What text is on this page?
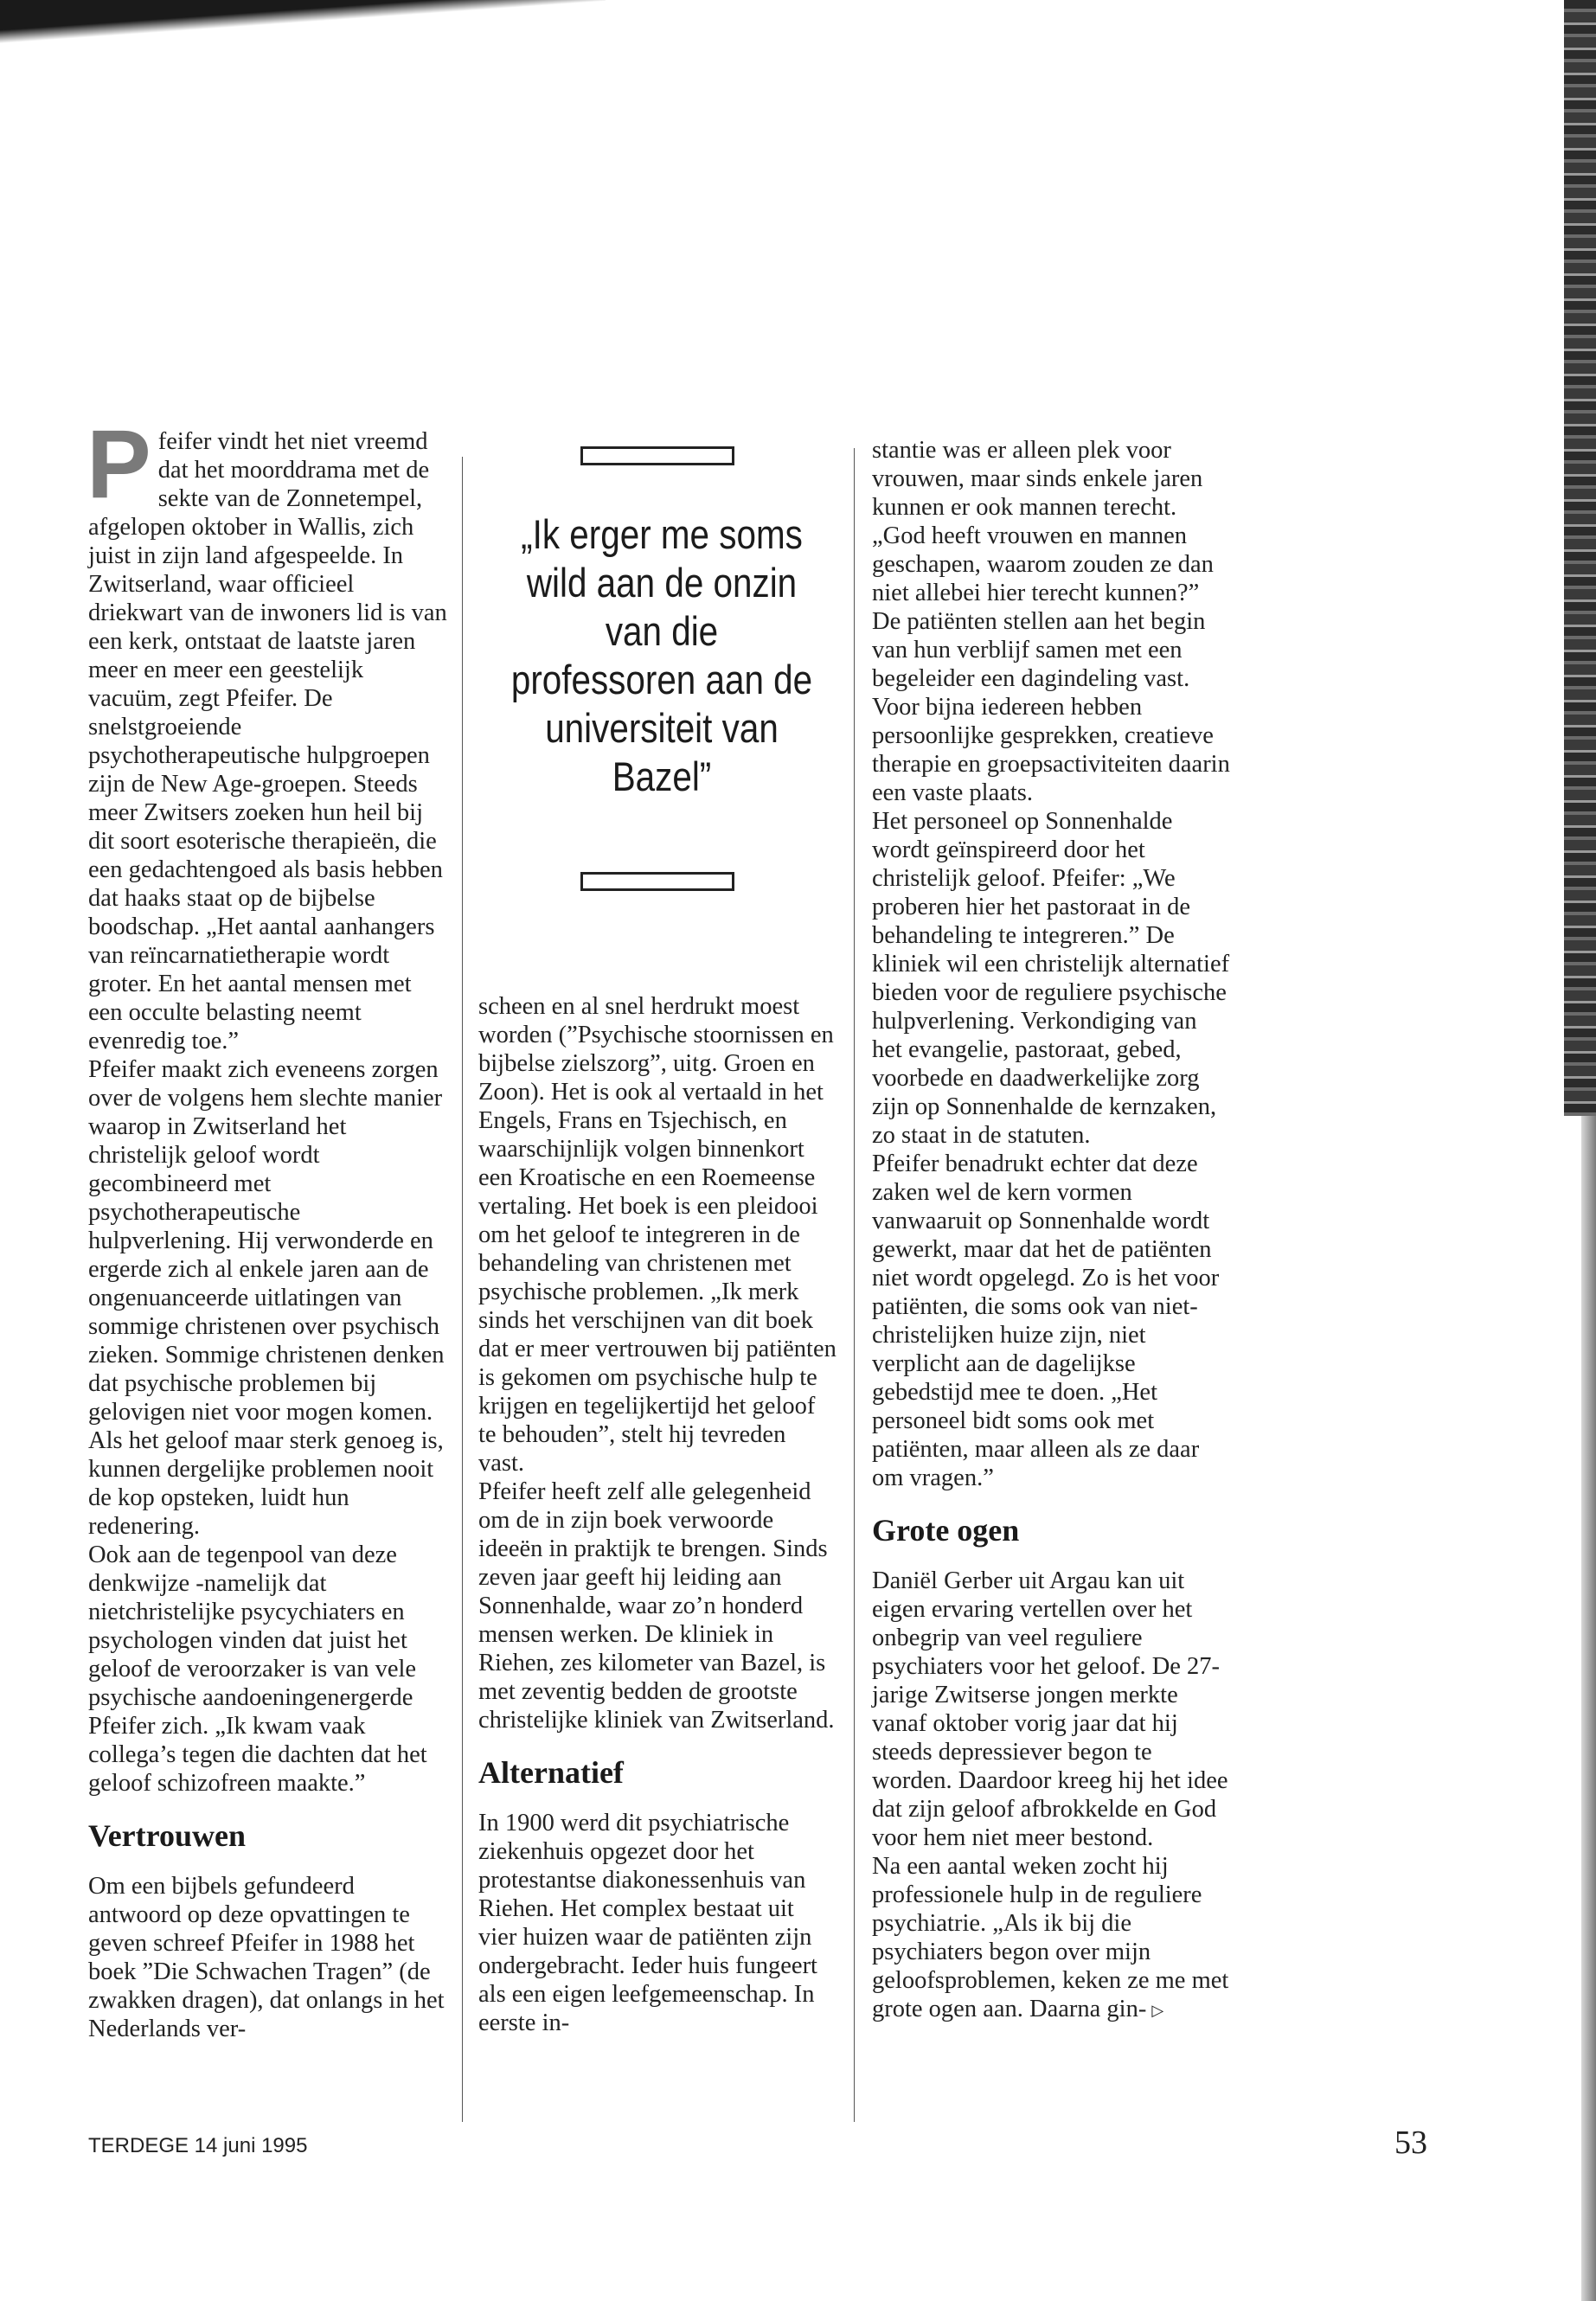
„Ik erger me soms wild aan de onzin van die professoren aan de universiteit van Bazel”

Pfeifer vindt het niet vreemd dat het moorddrama met de sekte van de Zonnetempel, afgelopen oktober in Wallis, zich juist in zijn land afgespeelde. In Zwitserland, waar officieel driekwart van de inwoners lid is van een kerk, ontstaat de laatste jaren meer en meer een geestelijk vacuüm, zegt Pfeifer. De snelstgroeiende psychotherapeutische hulpgroepen zijn de New Age-groepen. Steeds meer Zwitsers zoeken hun heil bij dit soort esoterische therapieën, die een gedachtengoed als basis hebben dat haaks staat op de bijbelse boodschap. „Het aantal aanhangers van reïncarnatietherapie wordt groter. En het aantal mensen met een occulte belasting neemt evenredig toe.”

Pfeifer maakt zich eveneens zorgen over de volgens hem slechte manier waarop in Zwitserland het christelijk geloof wordt gecombineerd met psychotherapeutische hulpverlening. Hij verwonderde en ergerde zich al enkele jaren aan de ongenuanceerde uitlatingen van sommige christenen over psychisch zieken. Sommige christenen denken dat psychische problemen bij gelovigen niet voor mogen komen. Als het geloof maar sterk genoeg is, kunnen dergelijke problemen nooit de kop opsteken, luidt hun redenering.

Ook aan de tegenpool van deze denkwijze -namelijk dat nietchristelijke psycychiaters en psychologen vinden dat juist het geloof de veroorzaker is van vele psychische aandoeningenergerde Pfeifer zich. „Ik kwam vaak collega’s tegen die dachten dat het geloof schizofreen maakte.”

Vertrouwen

Om een bijbels gefundeerd antwoord op deze opvattingen te geven schreef Pfeifer in 1988 het boek ”Die Schwachen Tragen” (de zwakken dragen), dat onlangs in het Nederlands ver-

scheen en al snel herdrukt moest worden (”Psychische stoornissen en bijbelse zielszorg”, uitg. Groen en Zoon). Het is ook al vertaald in het Engels, Frans en Tsjechisch, en waarschijnlijk volgen binnenkort een Kroatische en een Roemeense vertaling. Het boek is een pleidooi om het geloof te integreren in de behandeling van christenen met psychische problemen. „Ik merk sinds het verschijnen van dit boek dat er meer vertrouwen bij patiënten is gekomen om psychische hulp te krijgen en tegelijkertijd het geloof te behouden”, stelt hij tevreden vast.

Pfeifer heeft zelf alle gelegenheid om de in zijn boek verwoorde ideeën in praktijk te brengen. Sinds zeven jaar geeft hij leiding aan Sonnenhalde, waar zo’n honderd mensen werken. De kliniek in Riehen, zes kilometer van Bazel, is met zeventig bedden de grootste christelijke kliniek van Zwitserland.

Alternatief

In 1900 werd dit psychiatrische ziekenhuis opgezet door het protestantse diakonessenhuis van Riehen. Het complex bestaat uit vier huizen waar de patiënten zijn ondergebracht. Ieder huis fungeert als een eigen leefgemeenschap. In eerste in-

stantie was er alleen plek voor vrouwen, maar sinds enkele jaren kunnen er ook mannen terecht. „God heeft vrouwen en mannen geschapen, waarom zouden ze dan niet allebei hier terecht kunnen?”

De patiënten stellen aan het begin van hun verblijf samen met een begeleider een dagindeling vast. Voor bijna iedereen hebben persoonlijke gesprekken, creatieve therapie en groepsactiviteiten daarin een vaste plaats.

Het personeel op Sonnenhalde wordt geïnspireerd door het christelijk geloof. Pfeifer: „We proberen hier het pastoraat in de behandeling te integreren.” De kliniek wil een christelijk alternatief bieden voor de reguliere psychische hulpverlening. Verkondiging van het evangelie, pastoraat, gebed, voorbede en daadwerkelijke zorg zijn op Sonnenhalde de kernzaken, zo staat in de statuten.

Pfeifer benadrukt echter dat deze zaken wel de kern vormen vanwaaruit op Sonnenhalde wordt gewerkt, maar dat het de patiënten niet wordt opgelegd. Zo is het voor patiënten, die soms ook van niet-christelijken huize zijn, niet verplicht aan de dagelijkse gebedstijd mee te doen. „Het personeel bidt soms ook met patiënten, maar alleen als ze daar om vragen.”

Grote ogen

Daniël Gerber uit Argau kan uit eigen ervaring vertellen over het onbegrip van veel reguliere psychiaters voor het geloof. De 27-jarige Zwitserse jongen merkte vanaf oktober vorig jaar dat hij steeds depressiever begon te worden. Daardoor kreeg hij het idee dat zijn geloof afbrokkelde en God voor hem niet meer bestond.

Na een aantal weken zocht hij professionele hulp in de reguliere psychiatrie. „Als ik bij die psychiaters begon over mijn geloofsproblemen, keken ze me met grote ogen aan. Daarna gin- ▷

TERDEGE 14 juni 1995	53
